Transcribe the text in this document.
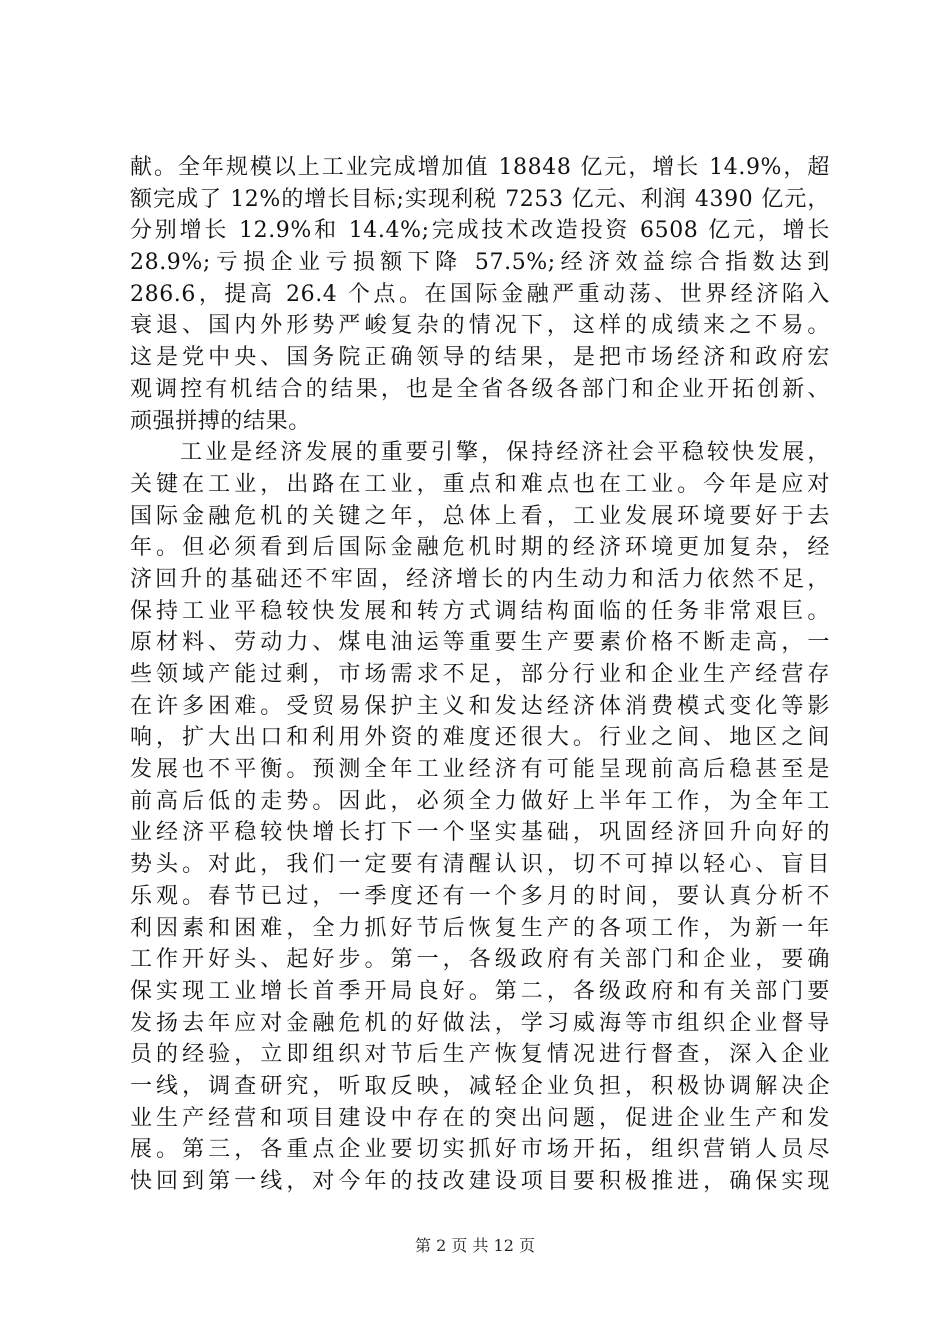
献。全年规模以上工业完成增加值 18848 亿元，增长 14.9%，超
额完成了 12%的增长目标;实现利税 7253 亿元、利润 4390 亿元，
分别增长 12.9%和 14.4%;完成技术改造投资 6508 亿元，增长
28.9%;亏损企业亏损额下降 57.5%;经济效益综合指数达到
286.6，提高 26.4 个点。在国际金融严重动荡、世界经济陷入
衰退、国内外形势严峻复杂的情况下，这样的成绩来之不易。
这是党中央、国务院正确领导的结果，是把市场经济和政府宏
观调控有机结合的结果，也是全省各级各部门和企业开拓创新、
顽强拼搏的结果。
工业是经济发展的重要引擎，保持经济社会平稳较快发展，
关键在工业，出路在工业，重点和难点也在工业。今年是应对
国际金融危机的关键之年，总体上看，工业发展环境要好于去
年。但必须看到后国际金融危机时期的经济环境更加复杂，经
济回升的基础还不牢固，经济增长的内生动力和活力依然不足，
保持工业平稳较快发展和转方式调结构面临的任务非常艰巨。
原材料、劳动力、煤电油运等重要生产要素价格不断走高，一
些领域产能过剩，市场需求不足，部分行业和企业生产经营存
在许多困难。受贸易保护主义和发达经济体消费模式变化等影
响，扩大出口和利用外资的难度还很大。行业之间、地区之间
发展也不平衡。预测全年工业经济有可能呈现前高后稳甚至是
前高后低的走势。因此，必须全力做好上半年工作，为全年工
业经济平稳较快增长打下一个坚实基础，巩固经济回升向好的
势头。对此，我们一定要有清醒认识，切不可掉以轻心、盲目
乐观。春节已过，一季度还有一个多月的时间，要认真分析不
利因素和困难，全力抓好节后恢复生产的各项工作，为新一年
工作开好头、起好步。第一，各级政府有关部门和企业，要确
保实现工业增长首季开局良好。第二，各级政府和有关部门要
发扬去年应对金融危机的好做法，学习威海等市组织企业督导
员的经验，立即组织对节后生产恢复情况进行督查，深入企业
一线，调查研究，听取反映，减轻企业负担，积极协调解决企
业生产经营和项目建设中存在的突出问题，促进企业生产和发
展。第三，各重点企业要切实抓好市场开拓，组织营销人员尽
快回到第一线，对今年的技改建设项目要积极推进，确保实现
第 2 页 共 12 页
